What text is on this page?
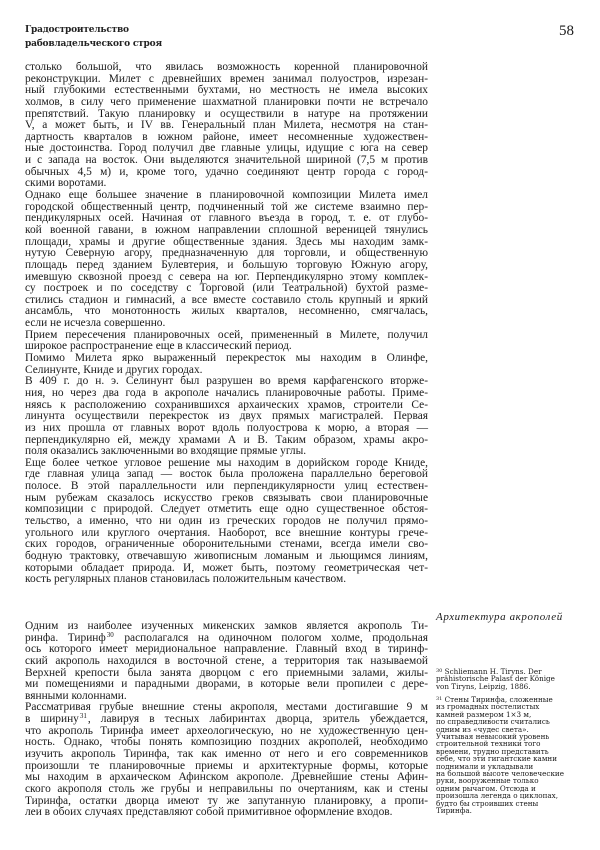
Градостроительство
рабовладельческого строя
58
столько большой, что явилась возможность коренной планировочной
реконструкции. Милет с древнейших времен занимал полуостров, изрезан-
ный глубокими естественными бухтами, но местность не имела высоких
холмов, в силу чего применение шахматной планировки почти не встречало
препятствий. Такую планировку и осуществили в натуре на протяжении
V, а может быть, и IV вв. Генеральный план Милета, несмотря на стан-
дартность кварталов в южном районе, имеет несомненные художествен-
ные достоинства. Город получил две главные улицы, идущие с юга на север
и с запада на восток. Они выделяются значительной шириной (7,5 м против
обычных 4,5 м) и, кроме того, удачно соединяют центр города с город-
скими воротами.
Однако еще большее значение в планировочной композиции Милета имел
городской общественный центр, подчиненный той же системе взаимно пер-
пендикулярных осей. Начиная от главного въезда в город, т. е. от глубо-
кой военной гавани, в южном направлении сплошной вереницей тянулись
площади, храмы и другие общественные здания. Здесь мы находим замк-
нутую Северную агору, предназначенную для торговли, и общественную
площадь перед зданием Булевтерия, и большую торговую Южную агору,
имевшую сквозной проезд с севера на юг. Перпендикулярно этому комплек-
су построек и по соседству с Торговой (или Театральной) бухтой разме-
стились стадион и гимнасий, а все вместе составило столь крупный и яркий
ансамбль, что монотонность жилых кварталов, несомненно, смягчалась,
если не исчезла совершенно.
Прием пересечения планировочных осей, примененный в Милете, получил
широкое распространение еще в классический период.
Помимо Милета ярко выраженный перекресток мы находим в Олинфе,
Селинунте, Книде и других городах.
В 409 г. до н. э. Селинунт был разрушен во время карфагенского вторже-
ния, но через два года в акрополе начались планировочные работы. Приме-
няясь к расположению сохранившихся архаических храмов, строители Се-
линунта осуществили перекресток из двух прямых магистралей. Первая
из них прошла от главных ворот вдоль полуострова к морю, а вторая —
перпендикулярно ей, между храмами А и В. Таким образом, храмы акро-
поля оказались заключенными во входящие прямые углы.
Еще более четкое угловое решение мы находим в дорийском городе Книде,
где главная улица запад — восток была проложена параллельно береговой
полосе. В этой параллельности или перпендикулярности улиц естествен-
ным рубежам сказалось искусство греков связывать свои планировочные
композиции с природой. Следует отметить еще одно существенное обстоя-
тельство, а именно, что ни один из греческих городов не получил прямо-
угольного или круглого очертания. Наоборот, все внешние контуры грече-
ских городов, ограниченные оборонительными стенами, всегда имели сво-
бодную трактовку, отвечавшую живописным ломаным и льющимся линиям,
которыми обладает природа. И, может быть, поэтому геометрическая чет-
кость регулярных планов становилась положительным качеством.
Одним из наиболее изученных микенских замков является акрополь Ти-
ринфа. Тиринф$^{30}$ располагался на одиночном пологом холме, продольная
ось которого имеет меридиональное направление. Главный вход в тиринф-
ский акрополь находился в восточной стене, а территория так называемой
Верхней крепости была занята дворцом с его приемными залами, жилы-
ми помещениями и парадными дворами, в которые вели пропилеи с дере-
вянными колоннами.
Рассматривая грубые внешние стены акрополя, местами достигавшие 9 м
в ширину$^{31}$, лавируя в тесных лабиринтах дворца, зритель убеждается,
что акрополь Тиринфа имеет археологическую, но не художественную цен-
ность. Однако, чтобы понять композицию поздних акрополей, необходимо
изучить акрополь Тиринфа, так как именно от него и его современников
произошли те планировочные приемы и архитектурные формы, которые
мы находим в архаическом Афинском акрополе. Древнейшие стены Афин-
ского акрополя столь же грубы и неправильны по очертаниям, как и стены
Тиринфа, остатки дворца имеют ту же запутанную планировку, а пропи-
леи в обоих случаях представляют собой примитивное оформление входов.
Архитектура акрополей
$^{30}$ Schliemann H. Tiryns. Der
prähistorische Palast der Könige
von Tiryns, Leipzig, 1886.
$^{31}$ Стены Тиринфа, сложенные
из громадных постелистых
камней размером 1×3 м,
по справедливости считались
одним из «чудес света».
Учитывая невысокий уровень
строительной техники того
времени, трудно представить
себе, что эти гигантские камни
поднимали и укладывали
на большой высоте человеческие
руки, вооруженные только
одним рычагом. Отсюда и
произошла легенда о циклопах,
будто бы строивших стены
Тиринфа.
